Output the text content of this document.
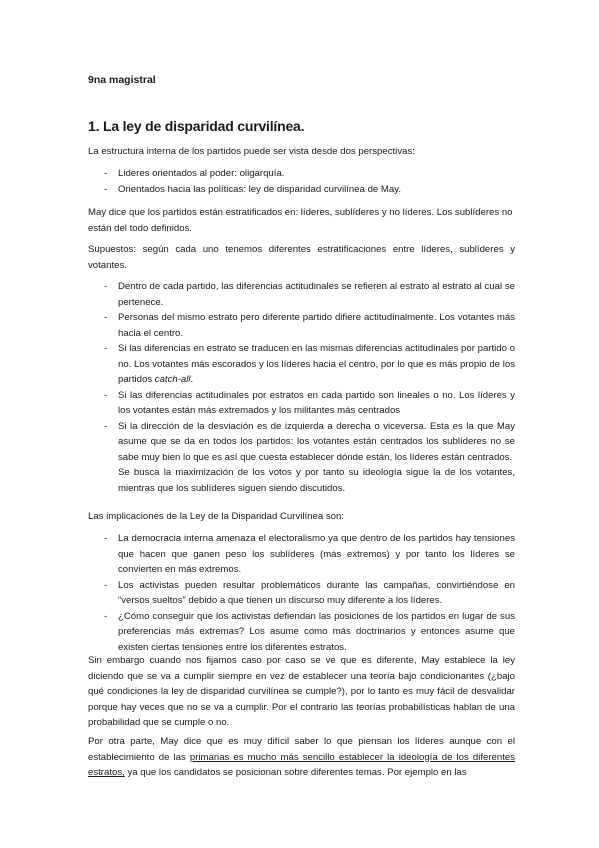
9na magistral
1. La ley de disparidad curvilínea.

La estructura interna de los partidos puede ser vista desde dos perspectivas:

- Lideres orientados al poder: oligarquía.
- Orientados hacia las políticas: ley de disparidad curvilínea de May.

May dice que los partidos están estratificados en: líderes, sublíderes y no líderes. Los sublíderes no están del todo definidos.

Supuestos: según cada uno tenemos diferentes estratificaciones entre líderes, sublíderes y votantes.

- Dentro de cada partido, las diferencias actitudinales se refieren al estrato al estrato al cual se pertenece.
- Personas del mismo estrato pero diferente partido difiere actitudinalmente. Los votantes más hacia el centro.
- Si las diferencias en estrato se traducen en las mismas diferencias actitudinales por partido o no. Los votantes más escorados y los líderes hacia el centro, por lo que es más propio de los partidos catch-all.
- Si las diferencias actitudinales por estratos en cada partido son lineales o no. Los líderes y los votantes están más extremados y los militantes más centrados
- Si la dirección de la desviación es de izquierda a derecha o viceversa. Esta es la que May asume que se da en todos los partidos: los votantes están centrados los sublíderes no se sabe muy bien lo que es así que cuesta establecer dónde están, los líderes están centrados.
Se busca la maximización de los votos y por tanto su ideología sigue la de los votantes, mientras que los sublíderes siguen siendo discutidos.

Las implicaciones de la Ley de la Disparidad Curvilínea son:

- La democracia interna amenaza el electoralismo ya que dentro de los partidos hay tensiones que hacen que ganen peso los sublíderes (más extremos) y por tanto los líderes se convierten en más extremos.
- Los activistas pueden resultar problemáticos durante las campañas, convirtiéndose en “versos sueltos” debido a que tienen un discurso muy diferente a los líderes.
- ¿Cómo conseguir que los activistas defiendan las posiciones de los partidos en lugar de sus preferencias más extremas? Los asume como más doctrinarios y entonces asume que existen ciertas tensiones entre los diferentes estratos.

Sin embargo cuando nos fijamos caso por caso se ve que es diferente, May establece la ley diciendo que se va a cumplir siempre en vez de establecer una teoría bajo condicionantes (¿bajo qué condiciones la ley de disparidad curvilínea se cumple?), por lo tanto es muy fácil de desvalidar porque hay veces que no se va a cumplir. Por el contrario las teorías probabilísticas hablan de una probabilidad que se cumple o no.

Por otra parte, May dice que es muy difícil saber lo que piensan los líderes aunque con el establecimiento de las primarias es mucho más sencillo establecer la ideología de los diferentes estratos, ya que los candidatos se posicionan sobre diferentes temas. Por ejemplo en las
